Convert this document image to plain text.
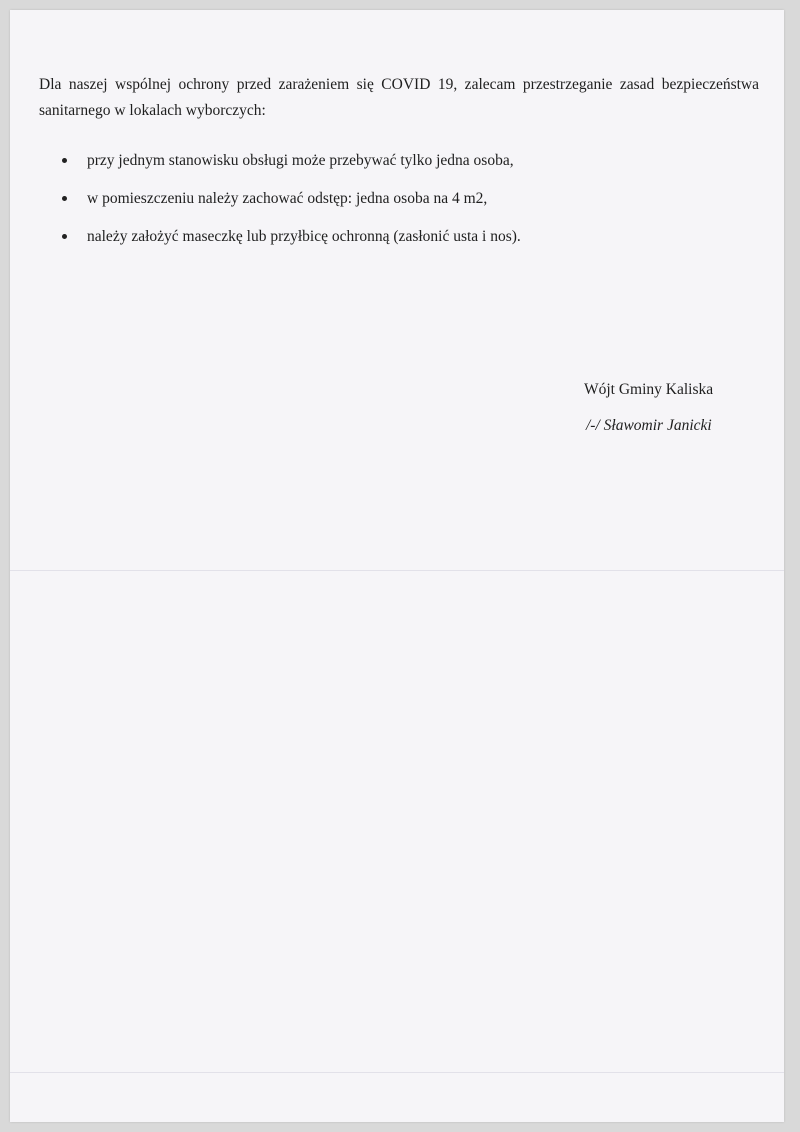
Dla naszej wspólnej ochrony przed zarażeniem się COVID 19, zalecam przestrzeganie zasad bezpieczeństwa sanitarnego w lokalach wyborczych:

przy jednym stanowisku obsługi może przebywać tylko jedna osoba,
w pomieszczeniu należy zachować odstęp: jedna osoba na 4 m2,
należy założyć maseczkę lub przyłbicę ochronną (zasłonić usta i nos).
Wójt Gminy Kaliska
/-/ Sławomir Janicki
